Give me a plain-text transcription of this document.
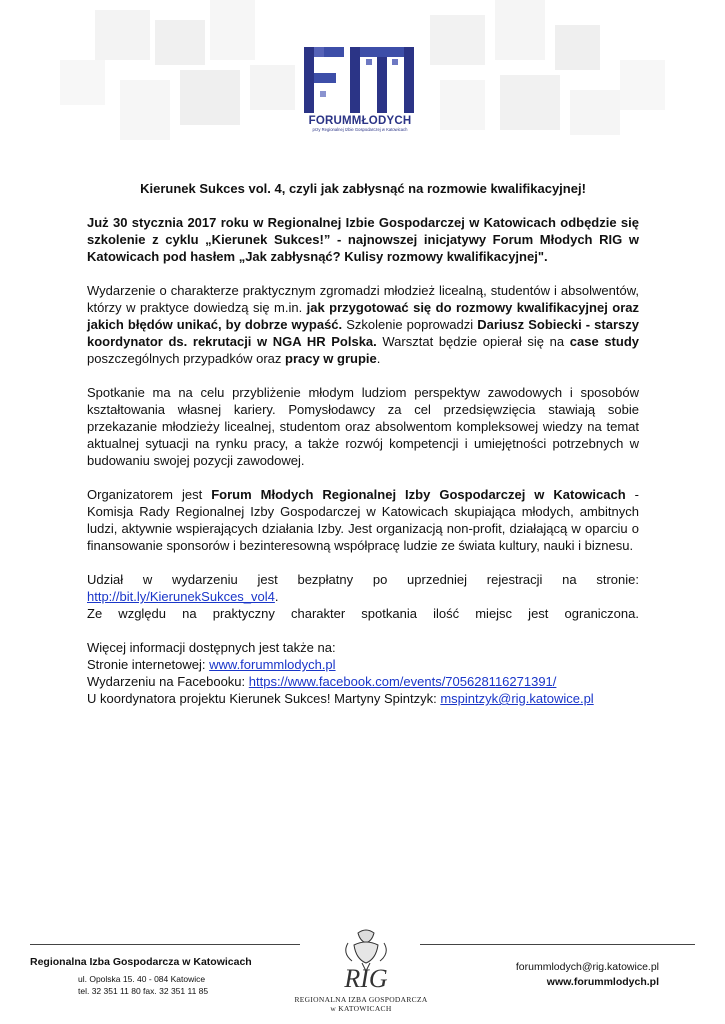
FORUMMŁODYCH
przy Regionalnej Izbie Gospodarczej w Katowicach

Kierunek Sukces vol. 4, czyli jak zabłysnąć na rozmowie kwalifikacyjnej!

Już 30 stycznia 2017 roku w Regionalnej Izbie Gospodarczej w Katowicach odbędzie się szkolenie z cyklu „Kierunek Sukces!” - najnowszej inicjatywy Forum Młodych RIG w Katowicach pod hasłem „Jak zabłysnąć? Kulisy rozmowy kwalifikacyjnej".

Wydarzenie o charakterze praktycznym zgromadzi młodzież licealną, studentów i absolwentów, którzy w praktyce dowiedzą się m.in. jak przygotować się do rozmowy kwalifikacyjnej oraz jakich błędów unikać, by dobrze wypaść. Szkolenie poprowadzi Dariusz Sobiecki - starszy koordynator ds. rekrutacji w NGA HR Polska. Warsztat będzie opierał się na case study poszczególnych przypadków oraz pracy w grupie.

Spotkanie ma na celu przybliżenie młodym ludziom perspektyw zawodowych i sposobów kształtowania własnej kariery. Pomysłodawcy za cel przedsięwzięcia stawiają sobie przekazanie młodzieży licealnej, studentom oraz absolwentom kompleksowej wiedzy na temat aktualnej sytuacji na rynku pracy, a także rozwój kompetencji i umiejętności potrzebnych w budowaniu swojej pozycji zawodowej.

Organizatorem jest Forum Młodych Regionalnej Izby Gospodarczej w Katowicach - Komisja Rady Regionalnej Izby Gospodarczej w Katowicach skupiająca młodych, ambitnych ludzi, aktywnie wspierających działania Izby. Jest organizacją non-profit, działającą w oparciu o finansowanie sponsorów i bezinteresowną współpracę ludzie ze świata kultury, nauki i biznesu.

Udział w wydarzeniu jest bezpłatny po uprzedniej rejestracji na stronie:

http://bit.ly/KierunekSukces_vol4.

Ze względu na praktyczny charakter spotkania ilość miejsc jest ograniczona.

Więcej informacji dostępnych jest także na:

Stronie internetowej: www.forummlodych.pl

Wydarzeniu na Facebooku: https://www.facebook.com/events/705628116271391/

U koordynatora projektu Kierunek Sukces! Martyny Spintzyk: mspintzyk@rig.katowice.pl

Regionalna Izba Gospodarcza w Katowicach
ul. Opolska 15. 40 - 084 Katowice
tel. 32 351 11 80 fax. 32 351 11 85	RIG
REGIONALNA IZBA GOSPODARCZA
w KATOWICACH
forummlodych@rig.katowice.pl
www.forummlodych.pl
